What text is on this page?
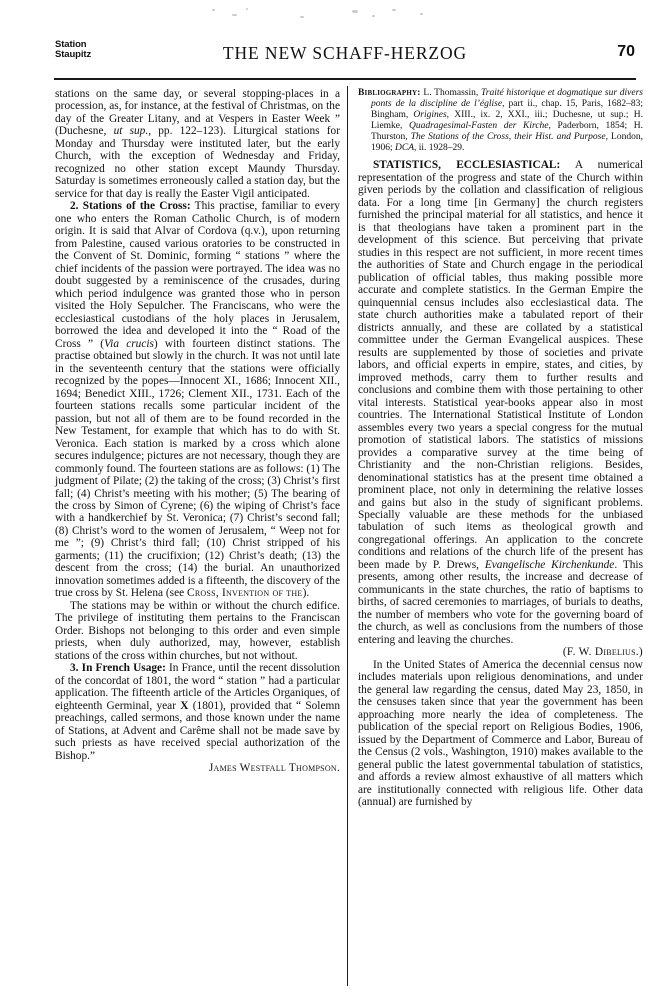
Station
Staupitz	THE NEW SCHAFF-HERZOG	70

stations on the same day, or several stopping-places in a procession, as, for instance, at the festival of Christmas, on the day of the Greater Litany, and at Vespers in Easter Week ” (Duchesne, ut sup., pp. 122–123). Liturgical stations for Monday and Thursday were instituted later, but the early Church, with the exception of Wednesday and Friday, recognized no other station except Maundy Thursday. Saturday is sometimes erroneously called a station day, but the service for that day is really the Easter Vigil anticipated.

2. Stations of the Cross: This practise, familiar to every one who enters the Roman Catholic Church, is of modern origin. It is said that Alvar of Cordova (q.v.), upon returning from Palestine, caused various oratories to be constructed in the Convent of St. Dominic, forming “ stations ” where the chief incidents of the passion were portrayed. The idea was no doubt suggested by a reminiscence of the crusades, during which period indulgence was granted those who in person visited the Holy Sepulcher. The Franciscans, who were the ecclesiastical custodians of the holy places in Jerusalem, borrowed the idea and developed it into the “ Road of the Cross ” (Via crucis) with fourteen distinct stations. The practise obtained but slowly in the church. It was not until late in the seventeenth century that the stations were officially recognized by the popes—Innocent XI., 1686; Innocent XII., 1694; Benedict XIII., 1726; Clement XII., 1731. Each of the fourteen stations recalls some particular incident of the passion, but not all of them are to be found recorded in the New Testament, for example that which has to do with St. Veronica. Each station is marked by a cross which alone secures indulgence; pictures are not necessary, though they are commonly found. The fourteen stations are as follows: (1) The judgment of Pilate; (2) the taking of the cross; (3) Christ’s first fall; (4) Christ’s meeting with his mother; (5) The bearing of the cross by Simon of Cyrene; (6) the wiping of Christ’s face with a handkerchief by St. Veronica; (7) Christ’s second fall; (8) Christ’s word to the women of Jerusalem, “ Weep not for me ”; (9) Christ’s third fall; (10) Christ stripped of his garments; (11) the crucifixion; (12) Christ’s death; (13) the descent from the cross; (14) the burial. An unauthorized innovation sometimes added is a fifteenth, the discovery of the true cross by St. Helena (see Cross, Invention of the).

The stations may be within or without the church edifice. The privilege of instituting them pertains to the Franciscan Order. Bishops not belonging to this order and even simple priests, when duly authorized, may, however, establish stations of the cross within churches, but not without.

3. In French Usage: In France, until the recent dissolution of the concordat of 1801, the word “ station ” had a particular application. The fifteenth article of the Articles Organiques, of eighteenth Germinal, year X (1801), provided that “ Solemn preachings, called sermons, and those known under the name of Stations, at Advent and Carême shall not be made save by such priests as have received special authorization of the Bishop.”

James Westfall Thompson.

Bibliography: L. Thomassin, Traité historique et dogmatique sur divers ponts de la discipline de l’église, part ii., chap. 15, Paris, 1682–83; Bingham, Origines, XIII., ix. 2, XXI., iii.; Duchesne, ut sup.; H. Liemke, Quadragesimal-Fasten der Kirche, Paderborn, 1854; H. Thurston, The Stations of the Cross, their Hist. and Purpose, London, 1906; DCA, ii. 1928–29.

STATISTICS, ECCLESIASTICAL: A numerical representation of the progress and state of the Church within given periods by the collation and classification of religious data. For a long time [in Germany] the church registers furnished the principal material for all statistics, and hence it is that theologians have taken a prominent part in the development of this science. But perceiving that private studies in this respect are not sufficient, in more recent times the authorities of State and Church engage in the periodical publication of official tables, thus making possible more accurate and complete statistics. In the German Empire the quinquennial census includes also ecclesiastical data. The state church authorities make a tabulated report of their districts annually, and these are collated by a statistical committee under the German Evangelical auspices. These results are supplemented by those of societies and private labors, and official experts in empire, states, and cities, by improved methods, carry them to further results and conclusions and combine them with those pertaining to other vital interests. Statistical year-books appear also in most countries. The International Statistical Institute of London assembles every two years a special congress for the mutual promotion of statistical labors. The statistics of missions provides a comparative survey at the time being of Christianity and the non-Christian religions. Besides, denominational statistics has at the present time obtained a prominent place, not only in determining the relative losses and gains but also in the study of significant problems. Specially valuable are these methods for the unbiased tabulation of such items as theological growth and congregational offerings. An application to the concrete conditions and relations of the church life of the present has been made by P. Drews, Evangelische Kirchenkunde. This presents, among other results, the increase and decrease of communicants in the state churches, the ratio of baptisms to births, of sacred ceremonies to marriages, of burials to deaths, the number of members who vote for the governing board of the church, as well as conclusions from the numbers of those entering and leaving the churches.

(F. W. Dibelius.)

In the United States of America the decennial census now includes materials upon religious denominations, and under the general law regarding the census, dated May 23, 1850, in the censuses taken since that year the government has been approaching more nearly the idea of completeness. The publication of the special report on Religious Bodies, 1906, issued by the Department of Commerce and Labor, Bureau of the Census (2 vols., Washington, 1910) makes available to the general public the latest governmental tabulation of statistics, and affords a review almost exhaustive of all matters which are institutionally connected with religious life. Other data (annual) are furnished by
